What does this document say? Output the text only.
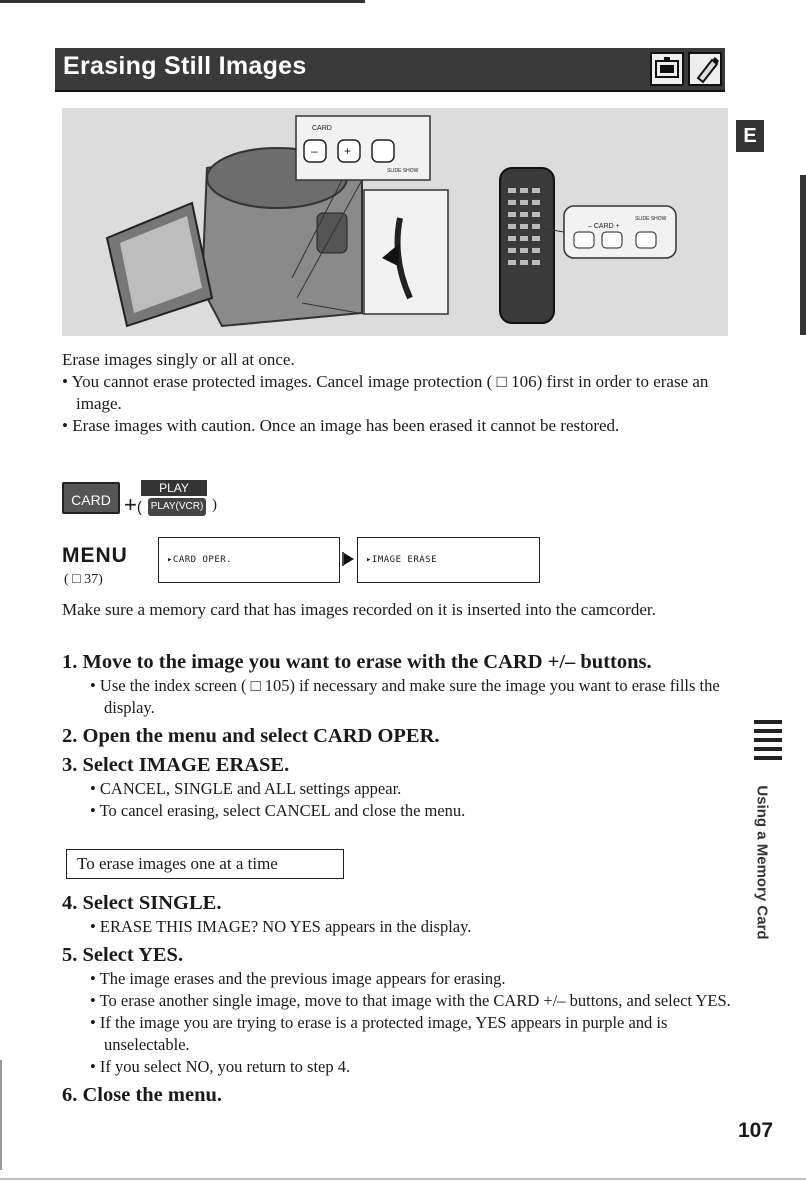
Erasing Still Images
CARD
– +
SLIDE SHOW
– CARD +
SLIDE SHOW
E

Erase images singly or all at once.

• You cannot erase protected images. Cancel image protection ( □ 106) first in order to erase an image.

• Erase images with caution. Once an image has been erased it cannot be restored.

CARD +(
PLAY
PLAY(VCR) )
MENU
( □ 37)
▸CARD OPER.	▸IMAGE ERASE
Make sure a memory card that has images recorded on it is inserted into the camcorder.

1. Move to the image you want to erase with the CARD +/– buttons.

• Use the index screen ( □ 105) if necessary and make sure the image you want to erase fills the display.

2. Open the menu and select CARD OPER.

3. Select IMAGE ERASE.

• CANCEL, SINGLE and ALL settings appear.

• To cancel erasing, select CANCEL and close the menu.

To erase images one at a time

4. Select SINGLE.

• ERASE THIS IMAGE? NO YES appears in the display.

5. Select YES.

• The image erases and the previous image appears for erasing.

• To erase another single image, move to that image with the CARD +/– buttons, and select YES.

• If the image you are trying to erase is a protected image, YES appears in purple and is unselectable.

• If you select NO, you return to step 4.

6. Close the menu.

Using a Memory Card
107
